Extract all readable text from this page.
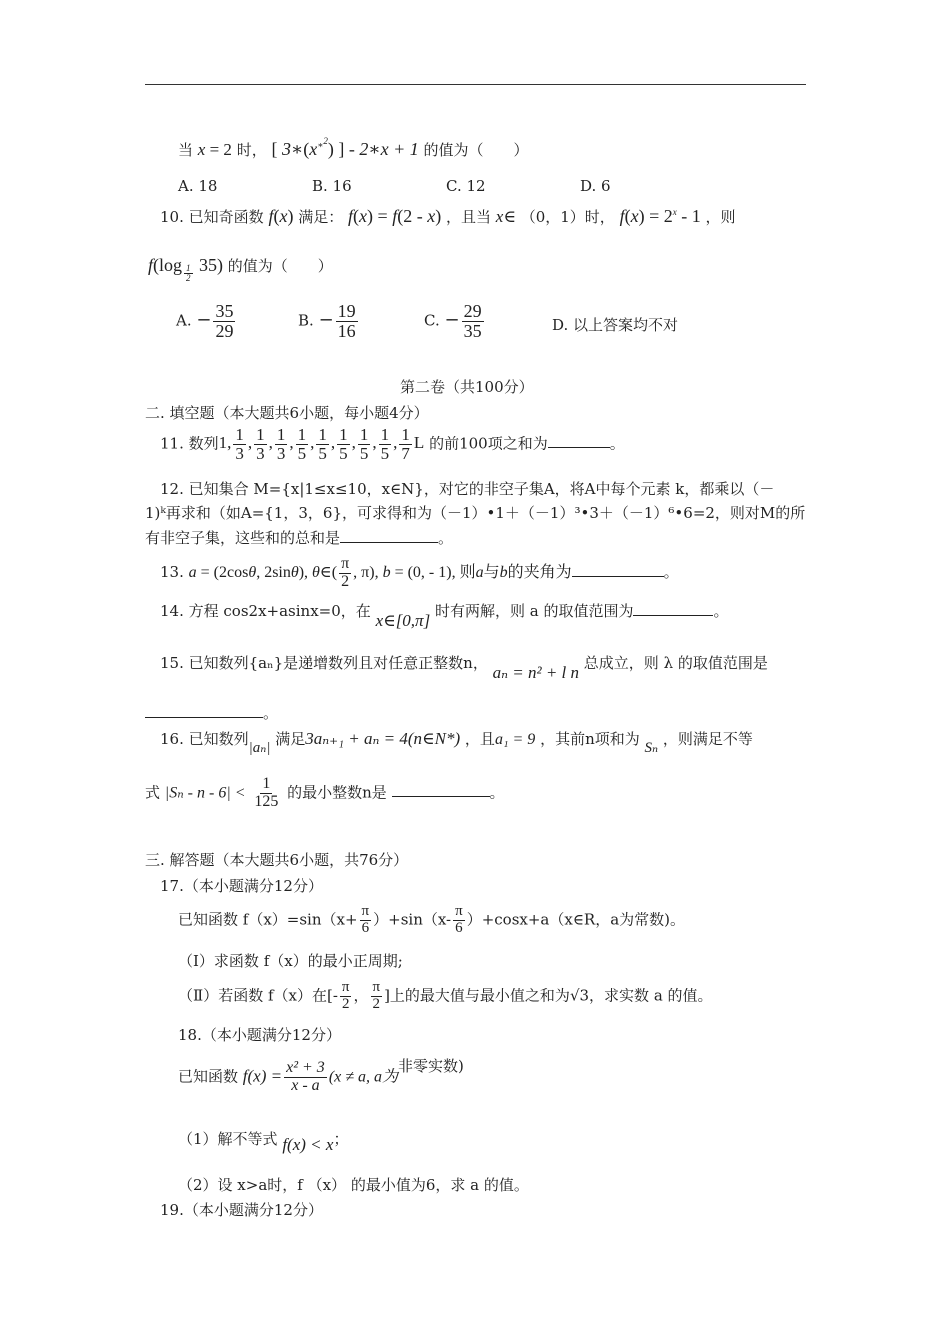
当 x = 2 时， [ $3∗(x^{∗^2})$ ] - 2∗x + 1 的值为（　　）
A. 18	B. 16	C. 12	D. 6
10. 已知奇函数 f(x) 满足： f(x) = f(2 - x) ，且当 x∈ （0，1）时， $f(x) = 2^x - 1$ ，则
f(log $_{\frac{1}{2}}$ 35) 的值为（　　）
A. − $\frac{35}{29}$	B. − $\frac{19}{16}$	C. − $\frac{29}{35}$	D. 以上答案均不对
第二卷（共100分）
二. 填空题（本大题共6小题，每小题4分）
11. 数列1, $\frac{1}{3}$ , $\frac{1}{3}$ , $\frac{1}{3}$ , $\frac{1}{5}$ , $\frac{1}{5}$ , $\frac{1}{5}$ , $\frac{1}{5}$ , $\frac{1}{5}$ , $\frac{1}{7}$ L 的前100项之和为	。
12. 已知集合 M={x|1≤x≤10，x∈N}，对它的非空子集A，将A中每个元素 k，都乘以（－
1)ᵏ再求和（如A={1，3，6}，可求得和为（－1）•1＋（－1）³•3＋（－1）⁶•6=2，则对M的所
有非空子集，这些和的总和是	。
13. a = (2cosθ, 2sinθ), θ∈( $\frac{\pi}{2}$ , π), b = (0, - 1), 则a与b的夹角为	。
14. 方程 cos2x+asinx=0，在 x∈[0,π] 时有两解，则 a 的取值范围为	。
15. 已知数列{aₙ}是递增数列且对任意正整数n， aₙ = n² + l n 总成立，则 λ 的取值范围是
。
16. 已知数列|aₙ| 满足3aₙ₊₁ + aₙ = 4(n∈N*) ，且a₁ = 9 ，其前n项和为 Sₙ ，则满足不等
式 $|S_n - n - 6| < \frac{1}{125}$ 的最小整数n是	。
三. 解答题（本大题共6小题，共76分）
17.（本小题满分12分）
已知函数 $f(x)=\sin(x+ \frac{\pi}{6} )+\sin(x- \frac{\pi}{6}$ ）+cosx+a（x∈R，a为常数)。
（Ⅰ）求函数 f（x）的最小正周期;
（Ⅱ）若函数 f（x）在[- $\frac{\pi}{2}$ ， $\frac{\pi}{2}$ ]上的最大值与最小值之和为√3，求实数 a 的值。
18.（本小题满分12分）
已知函数 $f(x) = \frac{\text{x² + 3}}{x - a} (x \ne a$, a为非零实数)
（1）解不等式 f(x) < x；
（2）设 x>a时，f （x） 的最小值为6，求 a 的值。
19.（本小题满分12分）
